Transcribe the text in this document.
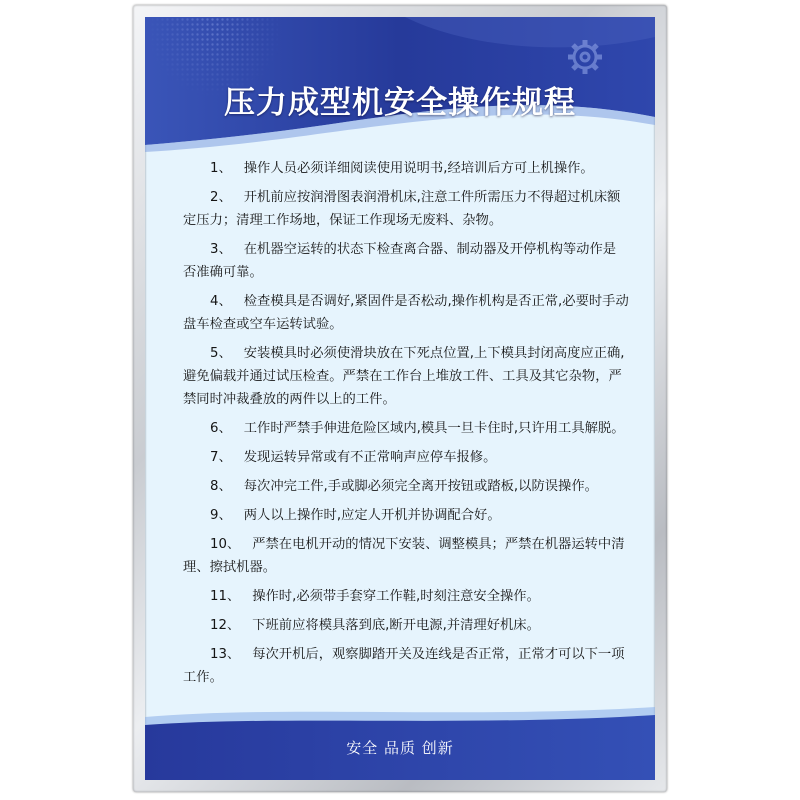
压力成型机安全操作规程
1、 操作人员必须详细阅读使用说明书,经培训后方可上机操作。
2、 开机前应按润滑图表润滑机床,注意工件所需压力不得超过机床额定压力；清理工作场地，保证工作现场无废料、杂物。
3、 在机器空运转的状态下检查离合器、制动器及开停机构等动作是否准确可靠。
4、 检查模具是否调好,紧固件是否松动,操作机构是否正常,必要时手动盘车检查或空车运转试验。
5、 安装模具时必须使滑块放在下死点位置,上下模具封闭高度应正确,避免偏载并通过试压检查。严禁在工作台上堆放工件、工具及其它杂物，严禁同时冲裁叠放的两件以上的工件。
6、 工作时严禁手伸进危险区域内,模具一旦卡住时,只许用工具解脱。
7、 发现运转异常或有不正常响声应停车报修。
8、 每次冲完工件,手或脚必须完全离开按钮或踏板,以防误操作。
9、 两人以上操作时,应定人开机并协调配合好。
10、 严禁在电机开动的情况下安装、调整模具；严禁在机器运转中清理、擦拭机器。
11、 操作时,必须带手套穿工作鞋,时刻注意安全操作。
12、 下班前应将模具落到底,断开电源,并清理好机床。
13、 每次开机后，观察脚踏开关及连线是否正常，正常才可以下一项工作。
安全 品质 创新
